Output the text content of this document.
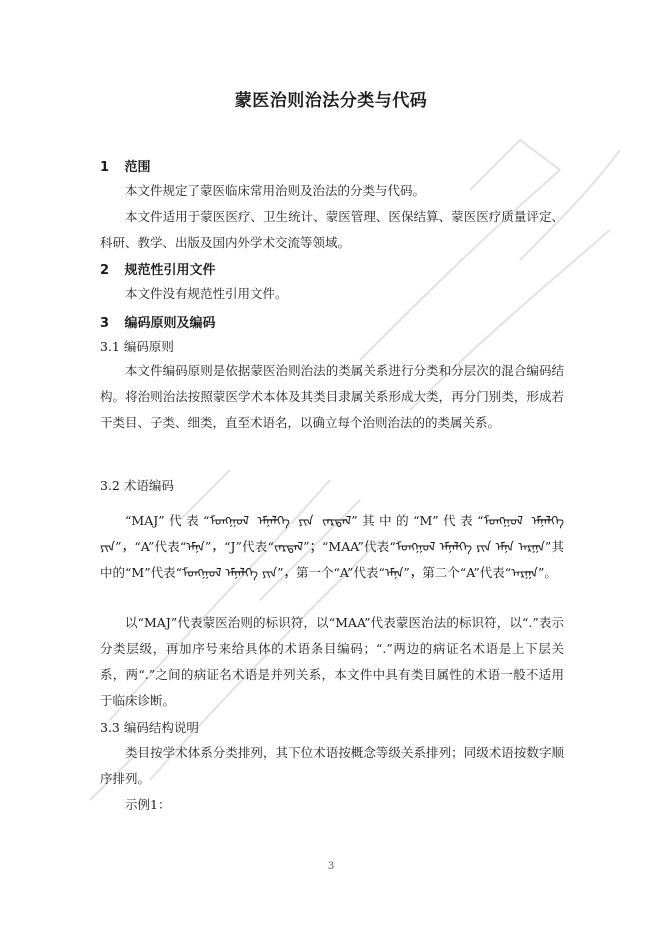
蒙医治则治法分类与代码
1 范围
本文件规定了蒙医临床常用治则及治法的分类与代码。
本文件适用于蒙医医疗、卫生统计、蒙医管理、医保结算、蒙医医疗质量评定、科研、教学、出版及国内外学术交流等领域。
2 规范性引用文件
本文件没有规范性引用文件。
3 编码原则及编码
3.1 编码原则
本文件编码原则是依据蒙医治则治法的类属关系进行分类和分层次的混合编码结构。将治则治法按照蒙医学术本体及其类目隶属关系形成大类，再分门别类，形成若干类目、子类、细类，直至术语名，以确立每个治则治法的的类属关系。
3.2 术语编码
“MAJ”代表“ᠮᠣᠩᠭᠣᠯ ᠡᠮᠨᠡᠯᠭᠡ ᠶᠢᠨ ᠵᠠᠷᠳᠠᠯ”其中的“M”代表“ᠮᠣᠩᠭᠣᠯ ᠡᠮᠨᠡᠯᠭᠡ ᠶᠢᠨ”，“A”代表“ᠡᠮᠨᠡ”，“J”代表“ᠵᠠᠷᠳᠠᠯ”；“MAA”代表“ᠮᠣᠩᠭᠣᠯ ᠡᠮᠨᠡᠯᠭᠡ ᠶᠢᠨ ᠡᠮᠨᠡ ᠠᠷᠭᠠ”其中的“M”代表“ᠮᠣᠩᠭᠣᠯ ᠡᠮᠨᠡᠯᠭᠡ ᠶᠢᠨ”，第一个“A”代表“ᠡᠮᠨᠡ”，第二个“A”代表“ᠠᠷᠭᠠ”。
以“MAJ”代表蒙医治则的标识符，以“MAA”代表蒙医治法的标识符，以“.”表示分类层级，再加序号来给具体的术语条目编码；“.”两边的病证名术语是上下层关系，两“.”之间的病证名术语是并列关系，本文件中具有类目属性的术语一般不适用于临床诊断。
3.3 编码结构说明
类目按学术体系分类排列，其下位术语按概念等级关系排列；同级术语按数字顺序排列。
示例1：
3
